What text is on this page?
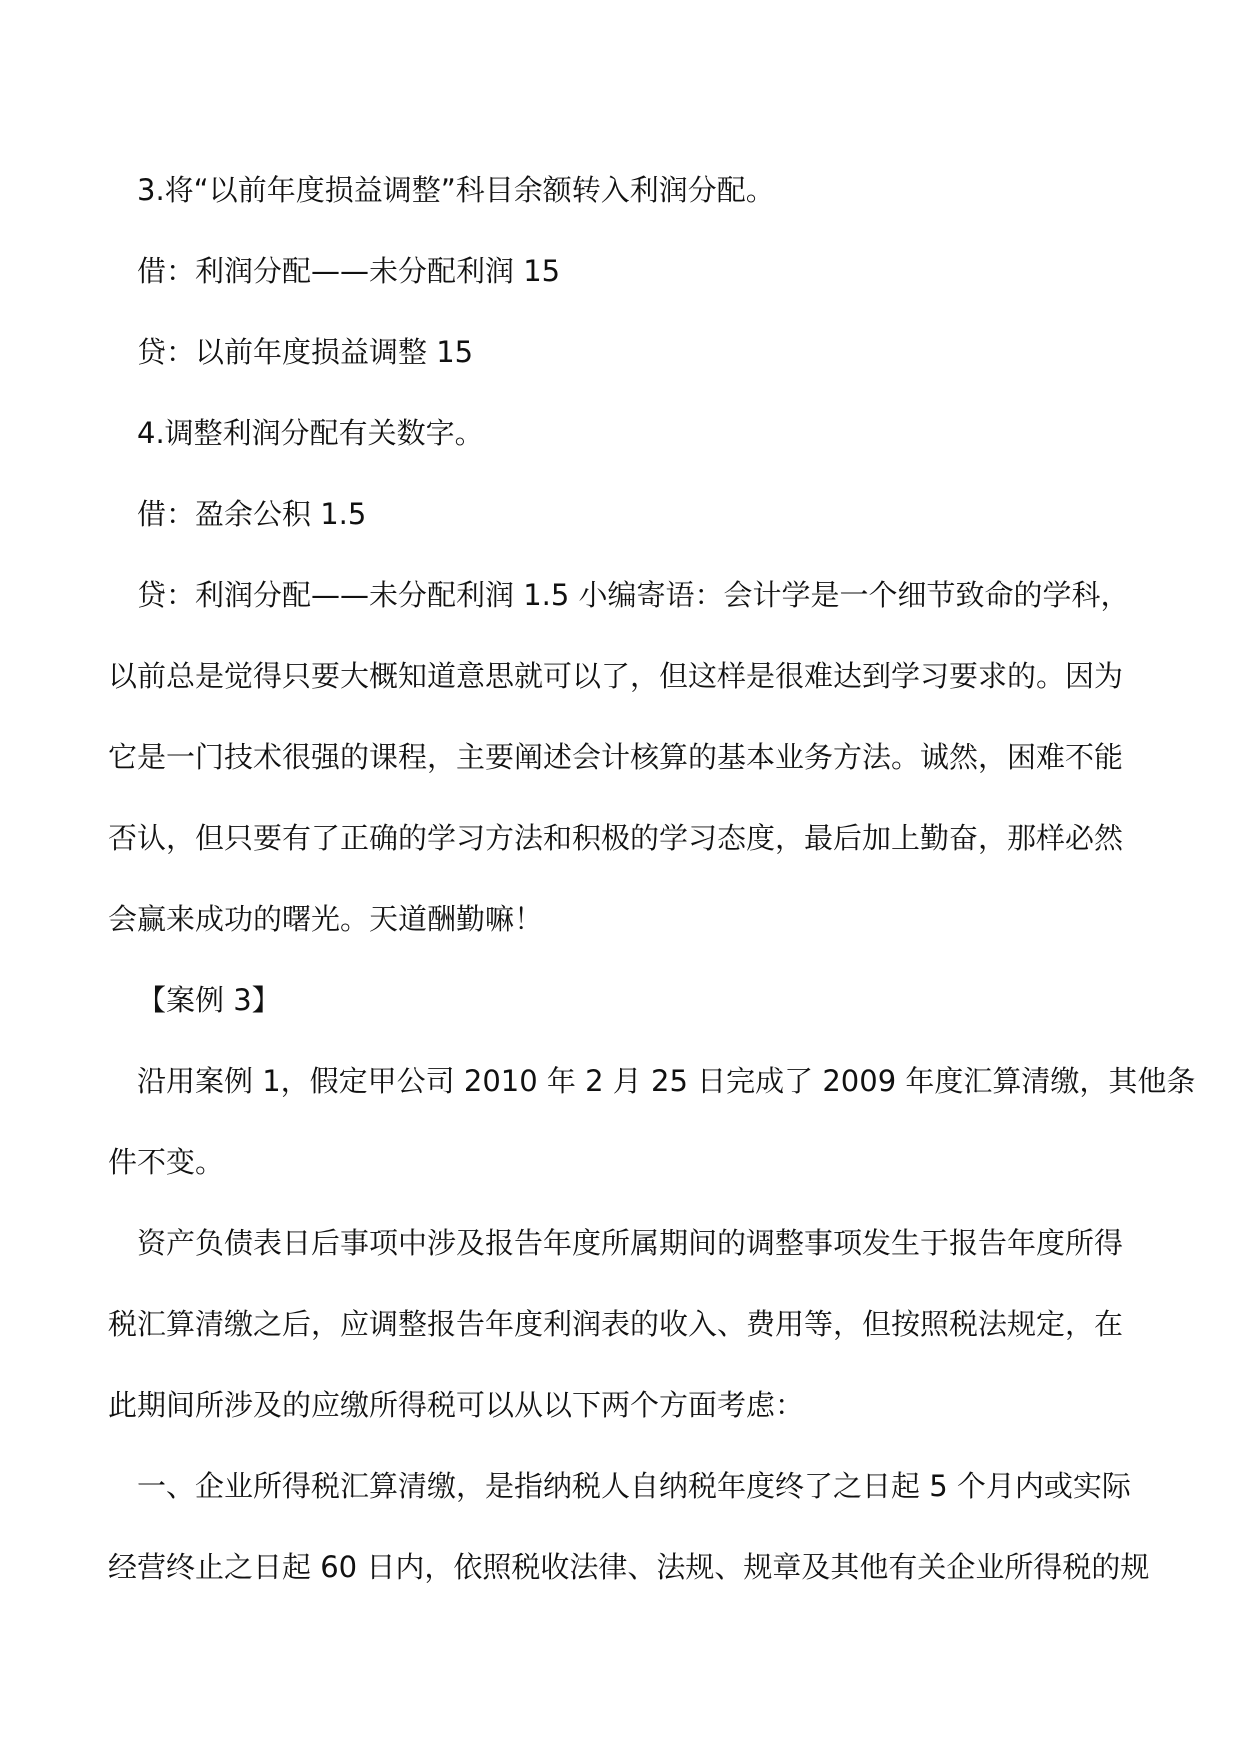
3.将“以前年度损益调整”科目余额转入利润分配。
借：利润分配——未分配利润 15
贷：以前年度损益调整 15
4.调整利润分配有关数字。
借：盈余公积 1.5
贷：利润分配——未分配利润 1.5 小编寄语：会计学是一个细节致命的学科，
以前总是觉得只要大概知道意思就可以了，但这样是很难达到学习要求的。因为
它是一门技术很强的课程，主要阐述会计核算的基本业务方法。诚然，困难不能
否认，但只要有了正确的学习方法和积极的学习态度，最后加上勤奋，那样必然
会赢来成功的曙光。天道酬勤嘛！
【案例 3】
沿用案例 1，假定甲公司 2010 年 2 月 25 日完成了 2009 年度汇算清缴，其他条
件不变。
资产负债表日后事项中涉及报告年度所属期间的调整事项发生于报告年度所得
税汇算清缴之后，应调整报告年度利润表的收入、费用等，但按照税法规定，在
此期间所涉及的应缴所得税可以从以下两个方面考虑：
一、企业所得税汇算清缴，是指纳税人自纳税年度终了之日起 5 个月内或实际
经营终止之日起 60 日内，依照税收法律、法规、规章及其他有关企业所得税的规
